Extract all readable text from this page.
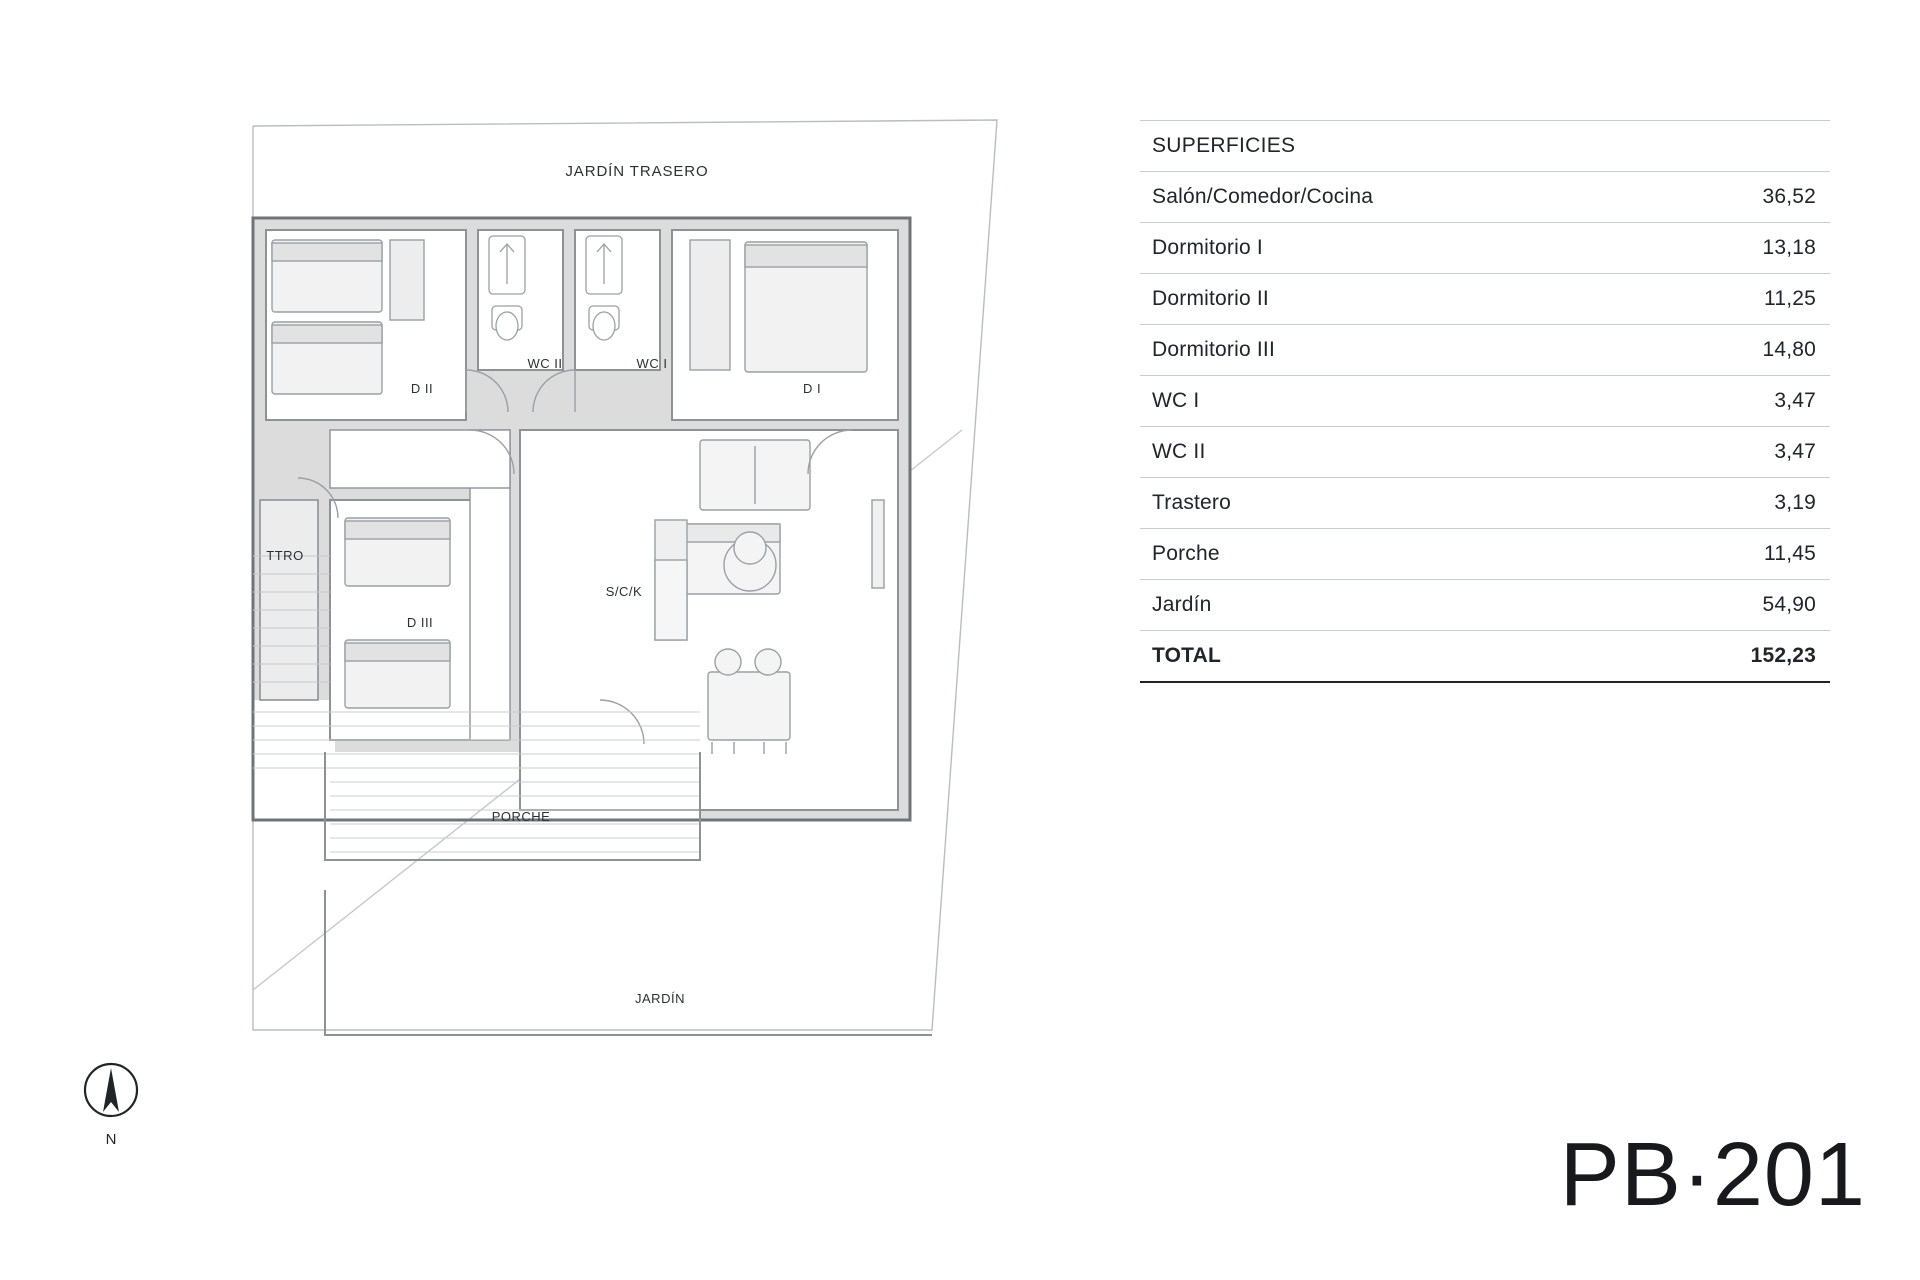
JARDÍN TRASERO
D II
WC II	WC I
D I
TTRO
D III
S/C/K
PORCHE
JARDÍN
N
SUPERFICIES	
Salón/Comedor/Cocina	36,52
Dormitorio I	13,18
Dormitorio II	11,25
Dormitorio III	14,80
WC I	3,47
WC II	3,47
Trastero	3,19
Porche	11,45
Jardín	54,90
TOTAL	152,23
PB·201
